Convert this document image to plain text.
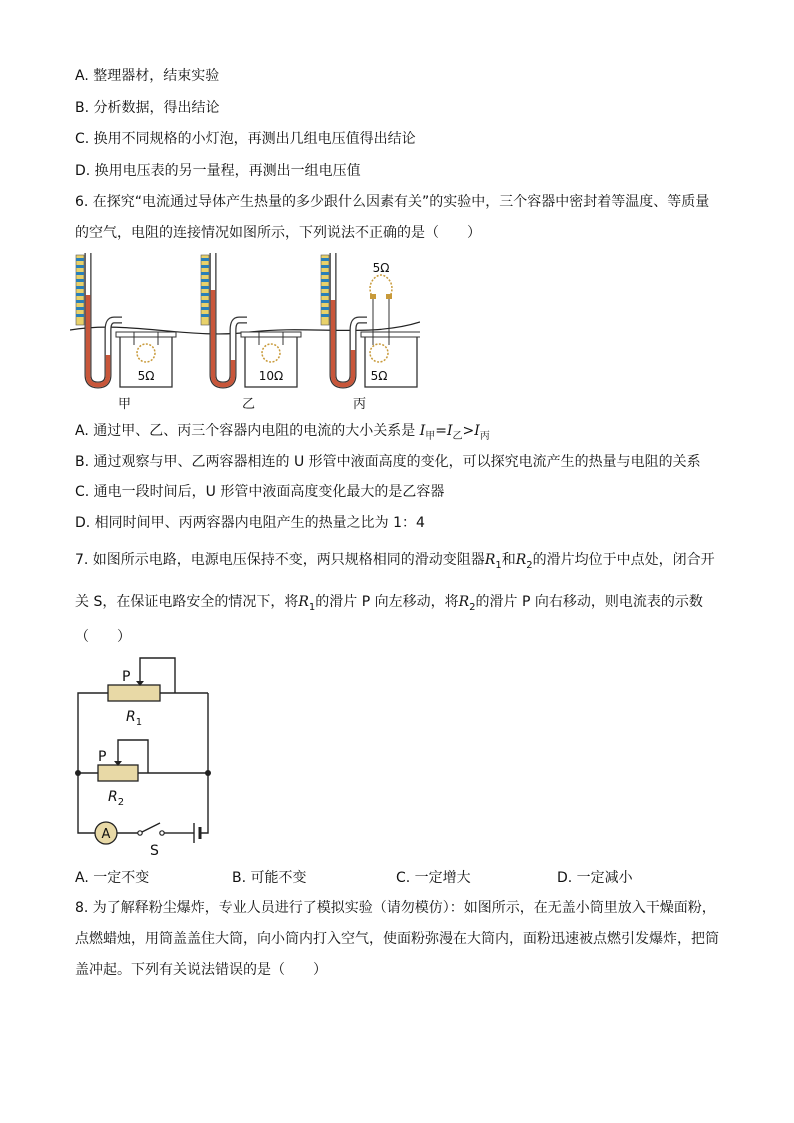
A. 整理器材，结束实验
B. 分析数据，得出结论
C. 换用不同规格的小灯泡，再测出几组电压值得出结论
D. 换用电压表的另一量程，再测出一组电压值
6. 在探究“电流通过导体产生热量的多少跟什么因素有关”的实验中，三个容器中密封着等温度、等质量
的空气，电阻的连接情况如图所示，下列说法不正确的是（　　）
5Ω	10Ω
5Ω
5Ω
甲	乙	丙
A. 通过甲、乙、丙三个容器内电阻的电流的大小关系是 $I_甲=I_乙>I_丙$
B. 通过观察与甲、乙两容器相连的 U 形管中液面高度的变化，可以探究电流产生的热量与电阻的关系
C. 通电一段时间后，U 形管中液面高度变化最大的是乙容器
D. 相同时间甲、丙两容器内电阻产生的热量之比为 1：4
7. 如图所示电路，电源电压保持不变，两只规格相同的滑动变阻器$R_1$和$R_2$的滑片均位于中点处，闭合开
关 S，在保证电路安全的情况下，将$R_1$的滑片 P 向左移动，将$R_2$的滑片 P 向右移动，则电流表的示数
（　　）
A
P
P
$R_1$
$R_2$
S
A. 一定不变	B. 可能不变	C. 一定增大	D. 一定减小
8. 为了解释粉尘爆炸，专业人员进行了模拟实验（请勿模仿）：如图所示，在无盖小筒里放入干燥面粉，
点燃蜡烛，用筒盖盖住大筒，向小筒内打入空气，使面粉弥漫在大筒内，面粉迅速被点燃引发爆炸，把筒
盖冲起。下列有关说法错误的是（　　）
